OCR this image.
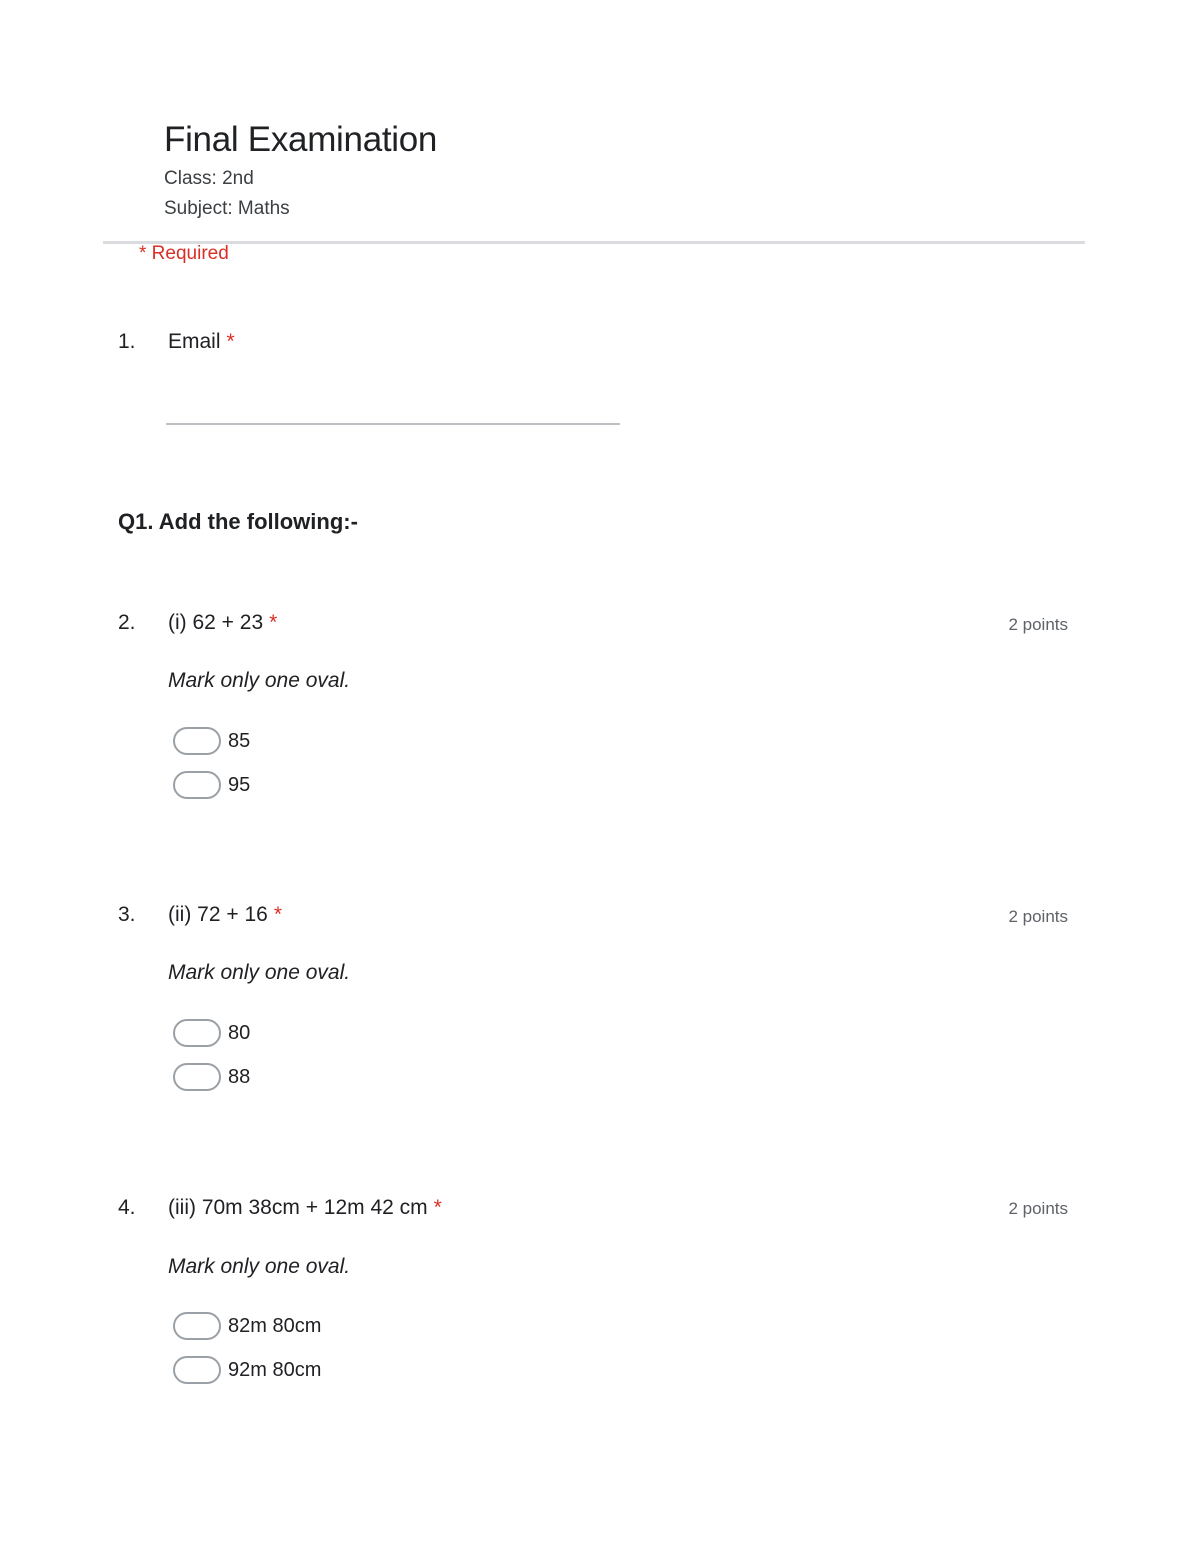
Final Examination
Class: 2nd
Subject: Maths
* Required
1. Email *
Q1. Add the following:-
2. (i) 62 + 23 *	2 points
Mark only one oval.
85
95
3. (ii) 72 + 16 *	2 points
Mark only one oval.
80
88
4. (iii) 70m 38cm + 12m 42 cm *	2 points
Mark only one oval.
82m 80cm
92m 80cm
